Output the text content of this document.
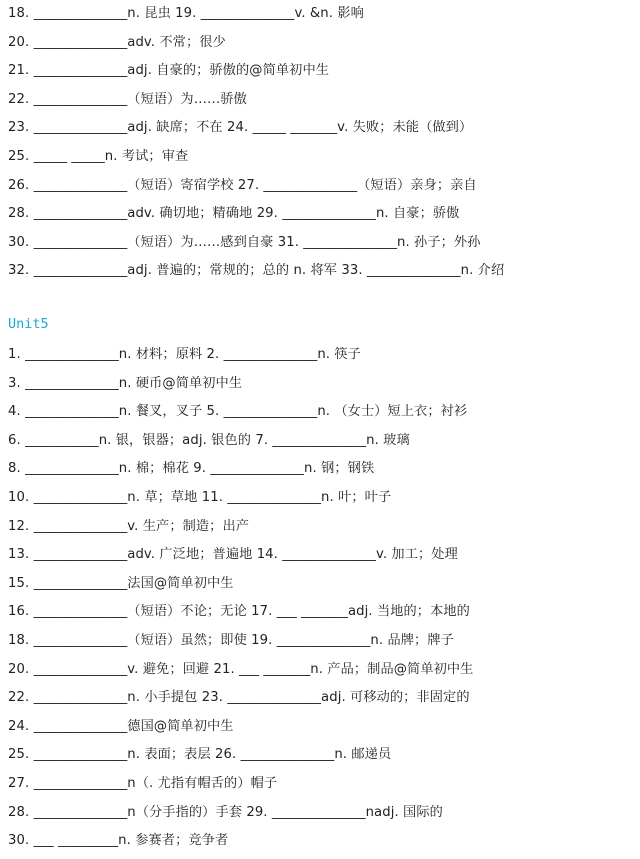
18. ______________n. 昆虫 19. ______________v. &n. 影响
20. ______________adv. 不常；很少
21. ______________adj. 自豪的；骄傲的@简单初中生
22. ______________（短语）为……骄傲
23. ______________adj. 缺席；不在 24. _____ _______v. 失败；未能（做到）
25. _____ _____n. 考试；审查
26. ______________（短语）寄宿学校 27. ______________（短语）亲身；亲自
28. ______________adv. 确切地；精确地 29. ______________n. 自豪；骄傲
30. ______________（短语）为……感到自豪 31. ______________n. 孙子；外孙
32. ______________adj. 普遍的；常规的；总的 n. 将军 33. ______________n. 介绍
Unit5
1. ______________n. 材料；原料 2. ______________n. 筷子
3. ______________n. 硬币@简单初中生
4. ______________n. 餐叉，叉子 5. ______________n. （女士）短上衣；衬衫
6. ___________n. 银，银器；adj. 银色的 7. ______________n. 玻璃
8. ______________n. 棉；棉花 9. ______________n. 钢；钢铁
10. ______________n. 草；草地 11. ______________n. 叶；叶子
12. ______________v. 生产；制造；出产
13. ______________adv. 广泛地；普遍地 14. ______________v. 加工；处理
15. ______________法国@简单初中生
16. ______________（短语）不论；无论 17. ___ _______adj. 当地的；本地的
18. ______________（短语）虽然；即使 19. ______________n. 品牌；牌子
20. ______________v. 避免；回避 21. ___ _______n. 产品；制品@简单初中生
22. ______________n. 小手提包 23. ______________adj. 可移动的；非固定的
24. ______________德国@简单初中生
25. ______________n. 表面；表层 26. ______________n. 邮递员
27. ______________n（. 尤指有帽舌的）帽子
28. ______________n（分手指的）手套 29. ______________nadj. 国际的
30. ___ _________n. 参赛者；竞争者
